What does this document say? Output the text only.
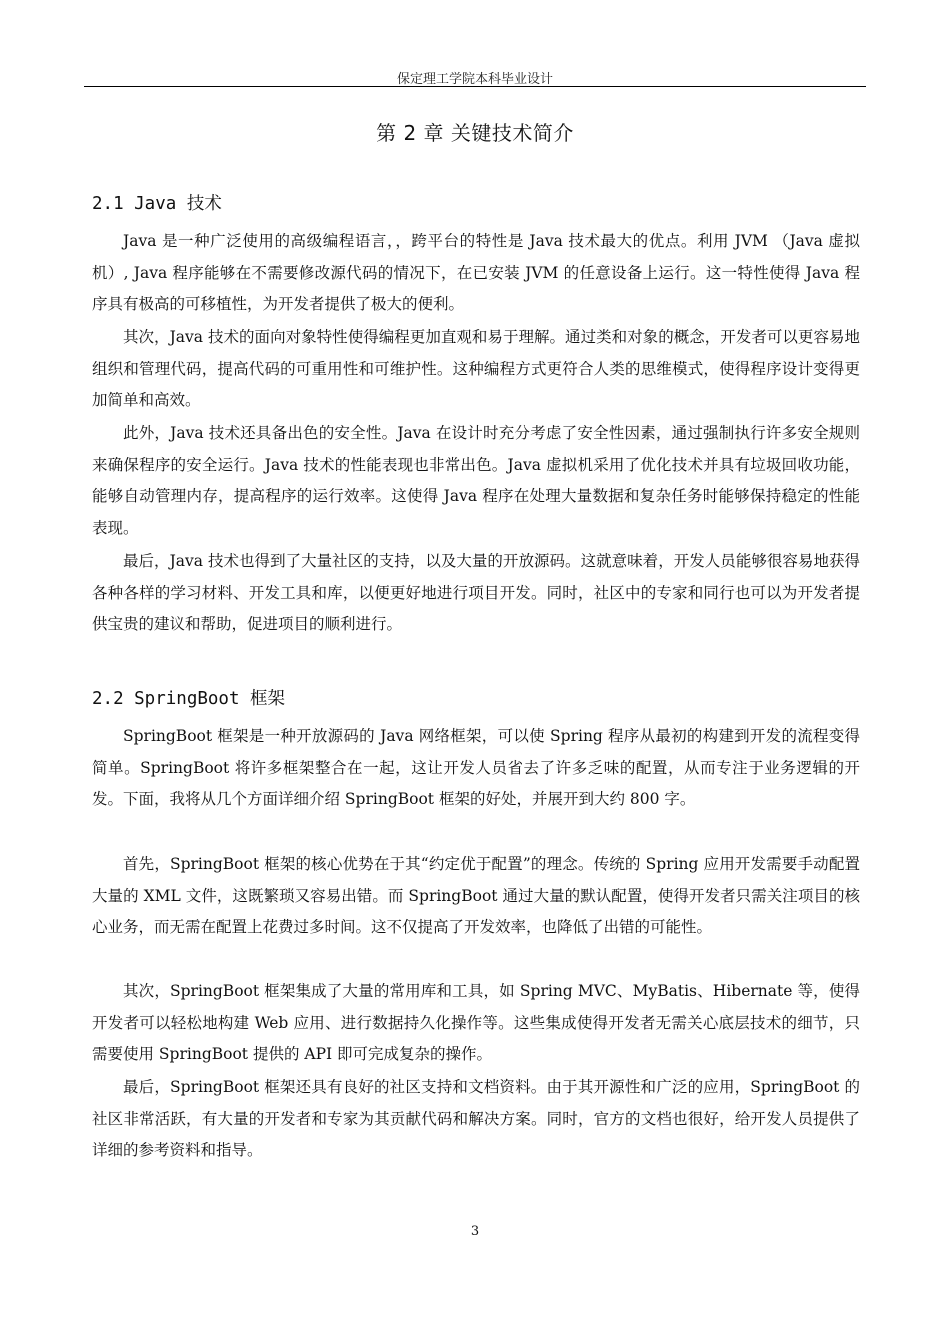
保定理工学院本科毕业设计
第 2 章 关键技术简介
2.1 Java 技术

Java 是一种广泛使用的高级编程语言，，跨平台的特性是 Java 技术最大的优点。利用 JVM （Java 虚拟机）, Java 程序能够在不需要修改源代码的情况下，在已安装 JVM 的任意设备上运行。这一特性使得 Java 程序具有极高的可移植性，为开发者提供了极大的便利。

其次，Java 技术的面向对象特性使得编程更加直观和易于理解。通过类和对象的概念，开发者可以更容易地组织和管理代码，提高代码的可重用性和可维护性。这种编程方式更符合人类的思维模式，使得程序设计变得更加简单和高效。

此外，Java 技术还具备出色的安全性。Java 在设计时充分考虑了安全性因素，通过强制执行许多安全规则来确保程序的安全运行。Java 技术的性能表现也非常出色。Java 虚拟机采用了优化技术并具有垃圾回收功能，能够自动管理内存，提高程序的运行效率。这使得 Java 程序在处理大量数据和复杂任务时能够保持稳定的性能表现。

最后，Java 技术也得到了大量社区的支持，以及大量的开放源码。这就意味着，开发人员能够很容易地获得各种各样的学习材料、开发工具和库，以便更好地进行项目开发。同时，社区中的专家和同行也可以为开发者提供宝贵的建议和帮助，促进项目的顺利进行。

2.2 SpringBoot 框架

SpringBoot 框架是一种开放源码的 Java 网络框架，可以使 Spring 程序从最初的构建到开发的流程变得简单。SpringBoot 将许多框架整合在一起，这让开发人员省去了许多乏味的配置，从而专注于业务逻辑的开发。下面，我将从几个方面详细介绍 SpringBoot 框架的好处，并展开到大约 800 字。

首先，SpringBoot 框架的核心优势在于其“约定优于配置”的理念。传统的 Spring 应用开发需要手动配置大量的 XML 文件，这既繁琐又容易出错。而 SpringBoot 通过大量的默认配置，使得开发者只需关注项目的核心业务，而无需在配置上花费过多时间。这不仅提高了开发效率，也降低了出错的可能性。

其次，SpringBoot 框架集成了大量的常用库和工具，如 Spring MVC、MyBatis、Hibernate 等，使得开发者可以轻松地构建 Web 应用、进行数据持久化操作等。这些集成使得开发者无需关心底层技术的细节，只需要使用 SpringBoot 提供的 API 即可完成复杂的操作。

最后，SpringBoot 框架还具有良好的社区支持和文档资料。由于其开源性和广泛的应用，SpringBoot 的社区非常活跃，有大量的开发者和专家为其贡献代码和解决方案。同时，官方的文档也很好，给开发人员提供了详细的参考资料和指导。

3
